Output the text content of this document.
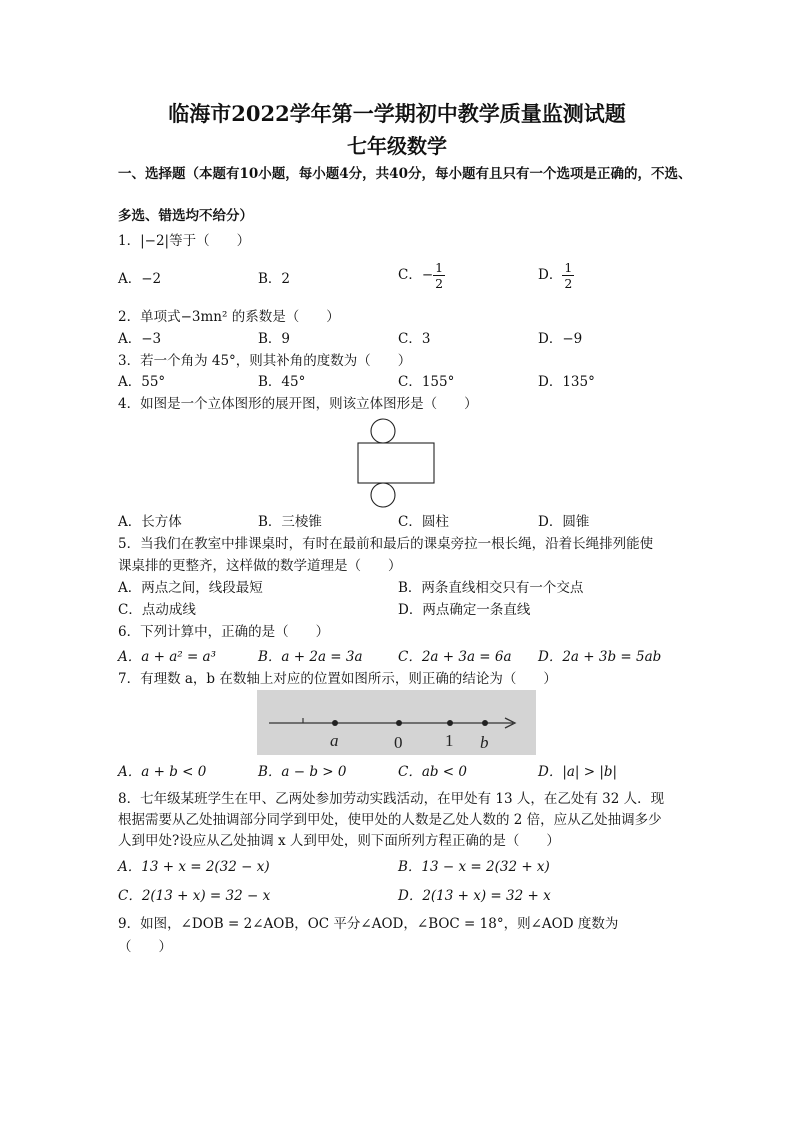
临海市2022学年第一学期初中教学质量监测试题
七年级数学
一、选择题（本题有10小题，每小题4分，共40分，每小题有且只有一个选项是正确的，不选、
多选、错选均不给分）
1．|−2|等于（　　）
A．−2	B．2	C．− $\frac{1}{2}$	D． $\frac{1}{2}$
2．单项式−3mn² 的系数是（　　）
A．−3	B．9	C．3	D．−9
3．若一个角为 45°，则其补角的度数为（　　）
A．55°	B．45°	C．155°	D．135°
4．如图是一个立体图形的展开图，则该立体图形是（　　）
A．长方体	B．三棱锥	C．圆柱	D．圆锥
5．当我们在教室中排课桌时，有时在最前和最后的课桌旁拉一根长绳，沿着长绳排列能使
课桌排的更整齐，这样做的数学道理是（　　）
A．两点之间，线段最短	B．两条直线相交只有一个交点
C．点动成线	D．两点确定一条直线
6．下列计算中，正确的是（　　）
A．a + a² = a³	B．a + 2a = 3a	C．2a + 3a = 6a D．2a + 3b = 5ab
7．有理数 a，b 在数轴上对应的位置如图所示，则正确的结论为（　　）
a	0	1 b
A．a + b < 0	B．a − b > 0	C．ab < 0	D．|a| > |b|
8．七年级某班学生在甲、乙两处参加劳动实践活动，在甲处有 13 人，在乙处有 32 人．现
根据需要从乙处抽调部分同学到甲处，使甲处的人数是乙处人数的 2 倍，应从乙处抽调多少
人到甲处?设应从乙处抽调 x 人到甲处，则下面所列方程正确的是（　　）
A．13 + x = 2(32 − x)	B．13 − x = 2(32 + x)
C．2(13 + x) = 32 − x	D．2(13 + x) = 32 + x
9．如图，∠DOB = 2∠AOB，OC 平分∠AOD，∠BOC = 18°，则∠AOD 度数为
（　　）
